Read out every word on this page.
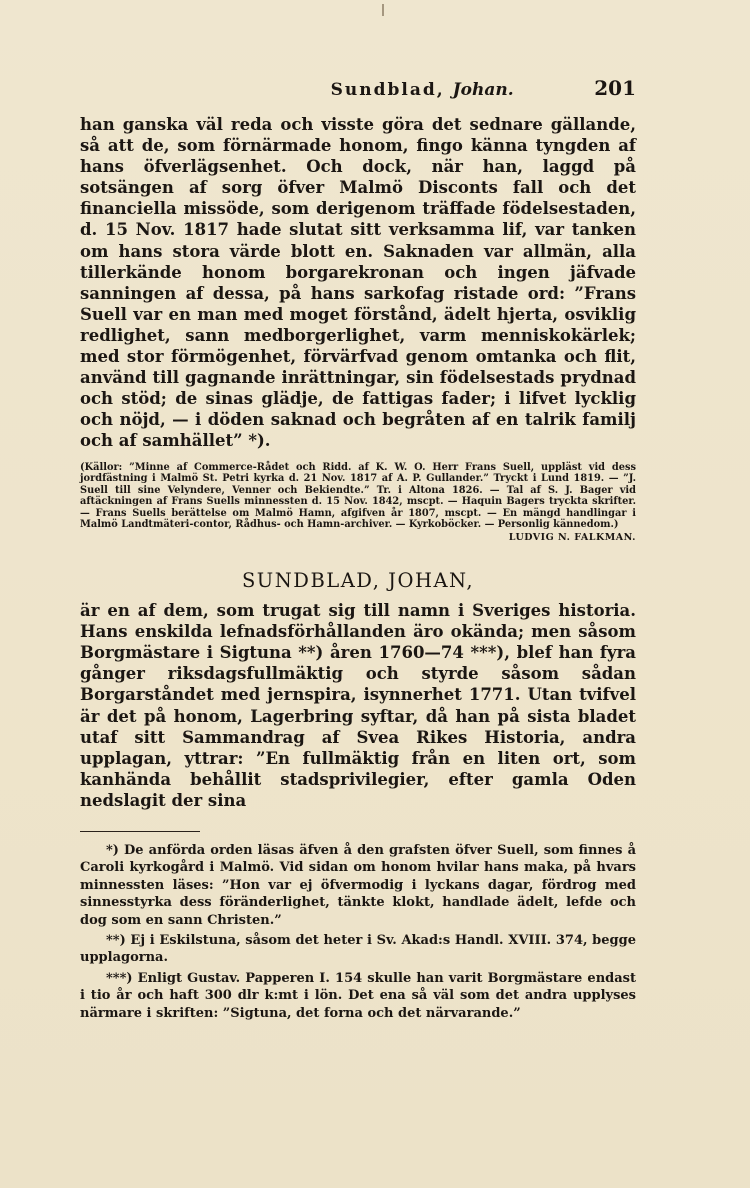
Sundblad, Johan.	201

han ganska väl reda och visste göra det sednare gällande, så att de, som förnärmade honom, fingo känna tyngden af hans öfverlägsenhet. Och dock, när han, laggd på sotsängen af sorg öfver Malmö Disconts fall och det financiella missöde, som derigenom träffade födelsestaden, d. 15 Nov. 1817 hade slutat sitt verksamma lif, var tanken om hans stora värde blott en. Saknaden var allmän, alla tillerkände honom borgarekronan och ingen jäfvade sanningen af dessa, på hans sarkofag ristade ord: ”Frans Suell var en man med moget förstånd, ädelt hjerta, osviklig redlighet, sann medborgerlighet, varm menniskokärlek; med stor förmögenhet, förvärfvad genom omtanka och flit, använd till gagnande inrättningar, sin födelsestads prydnad och stöd; de sinas glädje, de fattigas fader; i lifvet lycklig och nöjd, — i döden saknad och begråten af en talrik familj och af samhället” *).

(Källor: ”Minne af Commerce-Rådet och Ridd. af K. W. O. Herr Frans Suell, uppläst vid dess jordfästning i Malmö St. Petri kyrka d. 21 Nov. 1817 af A. P. Gullander.” Tryckt i Lund 1819. — ”J. Suell till sine Velyndere, Venner och Bekiendte.” Tr. i Altona 1826. — Tal af S. J. Bager vid aftäckningen af Frans Suells minnessten d. 15 Nov. 1842, mscpt. — Haquin Bagers tryckta skrifter. — Frans Suells berättelse om Malmö Hamn, afgifven år 1807, mscpt. — En mängd handlingar i Malmö Landtmäteri-contor, Rådhus- och Hamn-archiver. — Kyrkoböcker. — Personlig kännedom.)

LUDVIG N. FALKMAN.
SUNDBLAD, JOHAN,

är en af dem, som trugat sig till namn i Sveriges historia. Hans enskilda lefnadsförhållanden äro okända; men såsom Borgmästare i Sigtuna **) åren 1760—74 ***), blef han fyra gånger riksdagsfullmäktig och styrde såsom sådan Borgarståndet med jernspira, isynnerhet 1771. Utan tvifvel är det på honom, Lagerbring syftar, då han på sista bladet utaf sitt Sammandrag af Svea Rikes Historia, andra upplagan, yttrar: ”En fullmäktig från en liten ort, som kanhända behållit stadsprivilegier, efter gamla Oden nedslagit der sina

*) De anförda orden läsas äfven å den grafsten öfver Suell, som finnes å Caroli kyrkogård i Malmö. Vid sidan om honom hvilar hans maka, på hvars minnessten läses: ”Hon var ej öfvermodig i lyckans dagar, fördrog med sinnesstyrka dess föränderlighet, tänkte klokt, handlade ädelt, lefde och dog som en sann Christen.”

**) Ej i Eskilstuna, såsom det heter i Sv. Akad:s Handl. XVIII. 374, begge upplagorna.

***) Enligt Gustav. Papperen I. 154 skulle han varit Borgmästare endast i tio år och haft 300 dlr k:mt i lön. Det ena så väl som det andra upplyses närmare i skriften: ”Sigtuna, det forna och det närvarande.”
